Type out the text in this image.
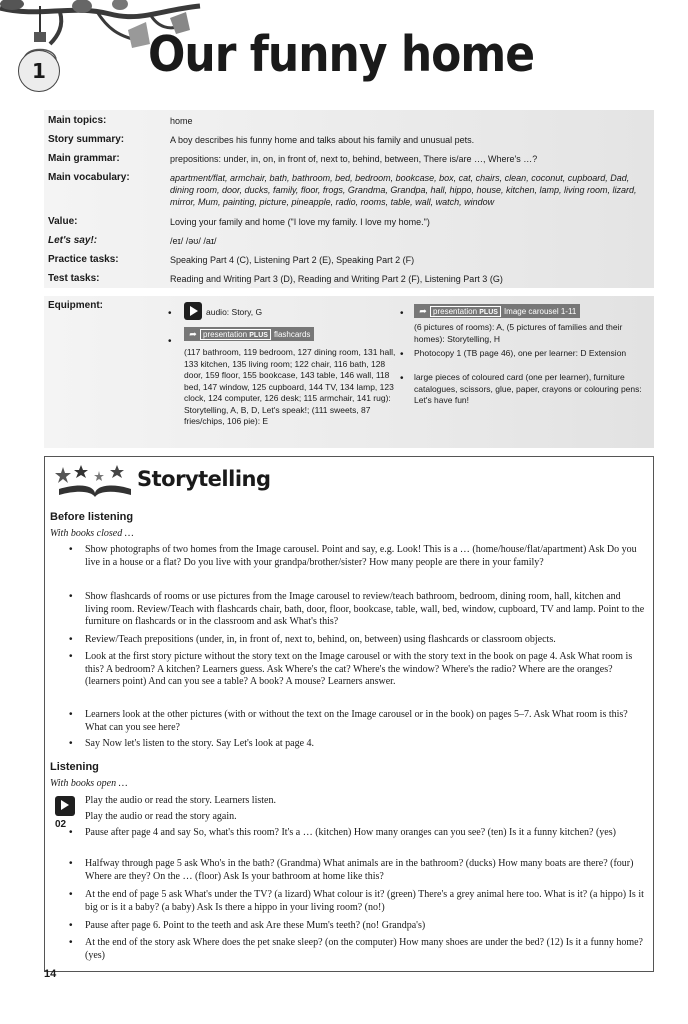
1	Our funny home
Main topics:	home
Story summary:	A boy describes his funny home and talks about his family and unusual pets.
Main grammar:	prepositions: under, in, on, in front of, next to, behind, between, There is/are …, Where's …?
Main vocabulary:	apartment/flat, armchair, bath, bathroom, bed, bedroom, bookcase, box, cat, chairs, clean, coconut, cupboard, Dad, dining room, door, ducks, family, floor, frogs, Grandma, Grandpa, hall, hippo, house, kitchen, lamp, living room, lizard, mirror, Mum, painting, picture, pineapple, radio, rooms, table, wall, watch, window
Value:	Loving your family and home ("I love my family. I love my home.")
Let's say!:	/eɪ/ /əʊ/ /aɪ/
Practice tasks:	Speaking Part 4 (C), Listening Part 2 (E), Speaking Part 2 (F)
Test tasks:	Reading and Writing Part 3 (D), Reading and Writing Part 2 (F), Listening Part 3 (G)
Equipment:
•	audio: Story, G
•
➦ presentation PLUS flashcards
(117 bathroom, 119 bedroom, 127 dining room, 131 hall, 133 kitchen, 135 living room; 122 chair, 116 bath, 128 door, 159 floor, 155 bookcase, 143 table, 146 wall, 118 bed, 147 window, 125 cupboard, 144 TV, 134 lamp, 123 clock, 124 computer, 126 desk; 115 armchair, 141 rug): Storytelling, A, B, D, Let's speak!; (111 sweets, 87 fries/chips, 106 pie): E
•	➦ presentation PLUS Image carousel 1-11
(6 pictures of rooms): A, (5 pictures of families and their homes): Storytelling, H
• Photocopy 1 (TB page 46), one per learner: D Extension
• large pieces of coloured card (one per learner), furniture catalogues, scissors, glue, paper, crayons or colouring pens: Let's have fun!
Storytelling
Before listening
With books closed …
• Show photographs of two homes from the Image carousel. Point and say, e.g. Look! This is a … (home/house/flat/apartment) Ask Do you live in a house or a flat? Do you live with your grandpa/brother/sister? How many people are there in your family?
• Show flashcards of rooms or use pictures from the Image carousel to review/teach bathroom, bedroom, dining room, hall, kitchen and living room. Review/Teach with flashcards chair, bath, door, floor, bookcase, table, wall, bed, window, cupboard, TV and lamp. Point to the furniture on flashcards or in the classroom and ask What's this?
• Review/Teach prepositions (under, in, in front of, next to, behind, on, between) using flashcards or classroom objects.
• Look at the first story picture without the story text on the Image carousel or with the story text in the book on page 4. Ask What room is this? A bedroom? A kitchen? Learners guess. Ask Where's the cat? Where's the window? Where's the radio? Where are the oranges? (learners point) And can you see a table? A book? A mouse? Learners answer.
• Learners look at the other pictures (with or without the text on the Image carousel or in the book) on pages 5–7. Ask What room is this? What can you see here?
• Say Now let's listen to the story. Say Let's look at page 4.
Listening
With books open …
02
Play the audio or read the story. Learners listen.
Play the audio or read the story again.
• Pause after page 4 and say So, what's this room? It's a … (kitchen) How many oranges can you see? (ten) Is it a funny kitchen? (yes)
• Halfway through page 5 ask Who's in the bath? (Grandma) What animals are in the bathroom? (ducks) How many boats are there? (four) Where are they? On the … (floor) Ask Is your bathroom at home like this?
• At the end of page 5 ask What's under the TV? (a lizard) What colour is it? (green) There's a grey animal here too. What is it? (a hippo) Is it big or is it a baby? (a baby) Ask Is there a hippo in your living room? (no!)
• Pause after page 6. Point to the teeth and ask Are these Mum's teeth? (no! Grandpa's)
• At the end of the story ask Where does the pet snake sleep? (on the computer) How many shoes are under the bed? (12) Is it a funny home? (yes)
14
